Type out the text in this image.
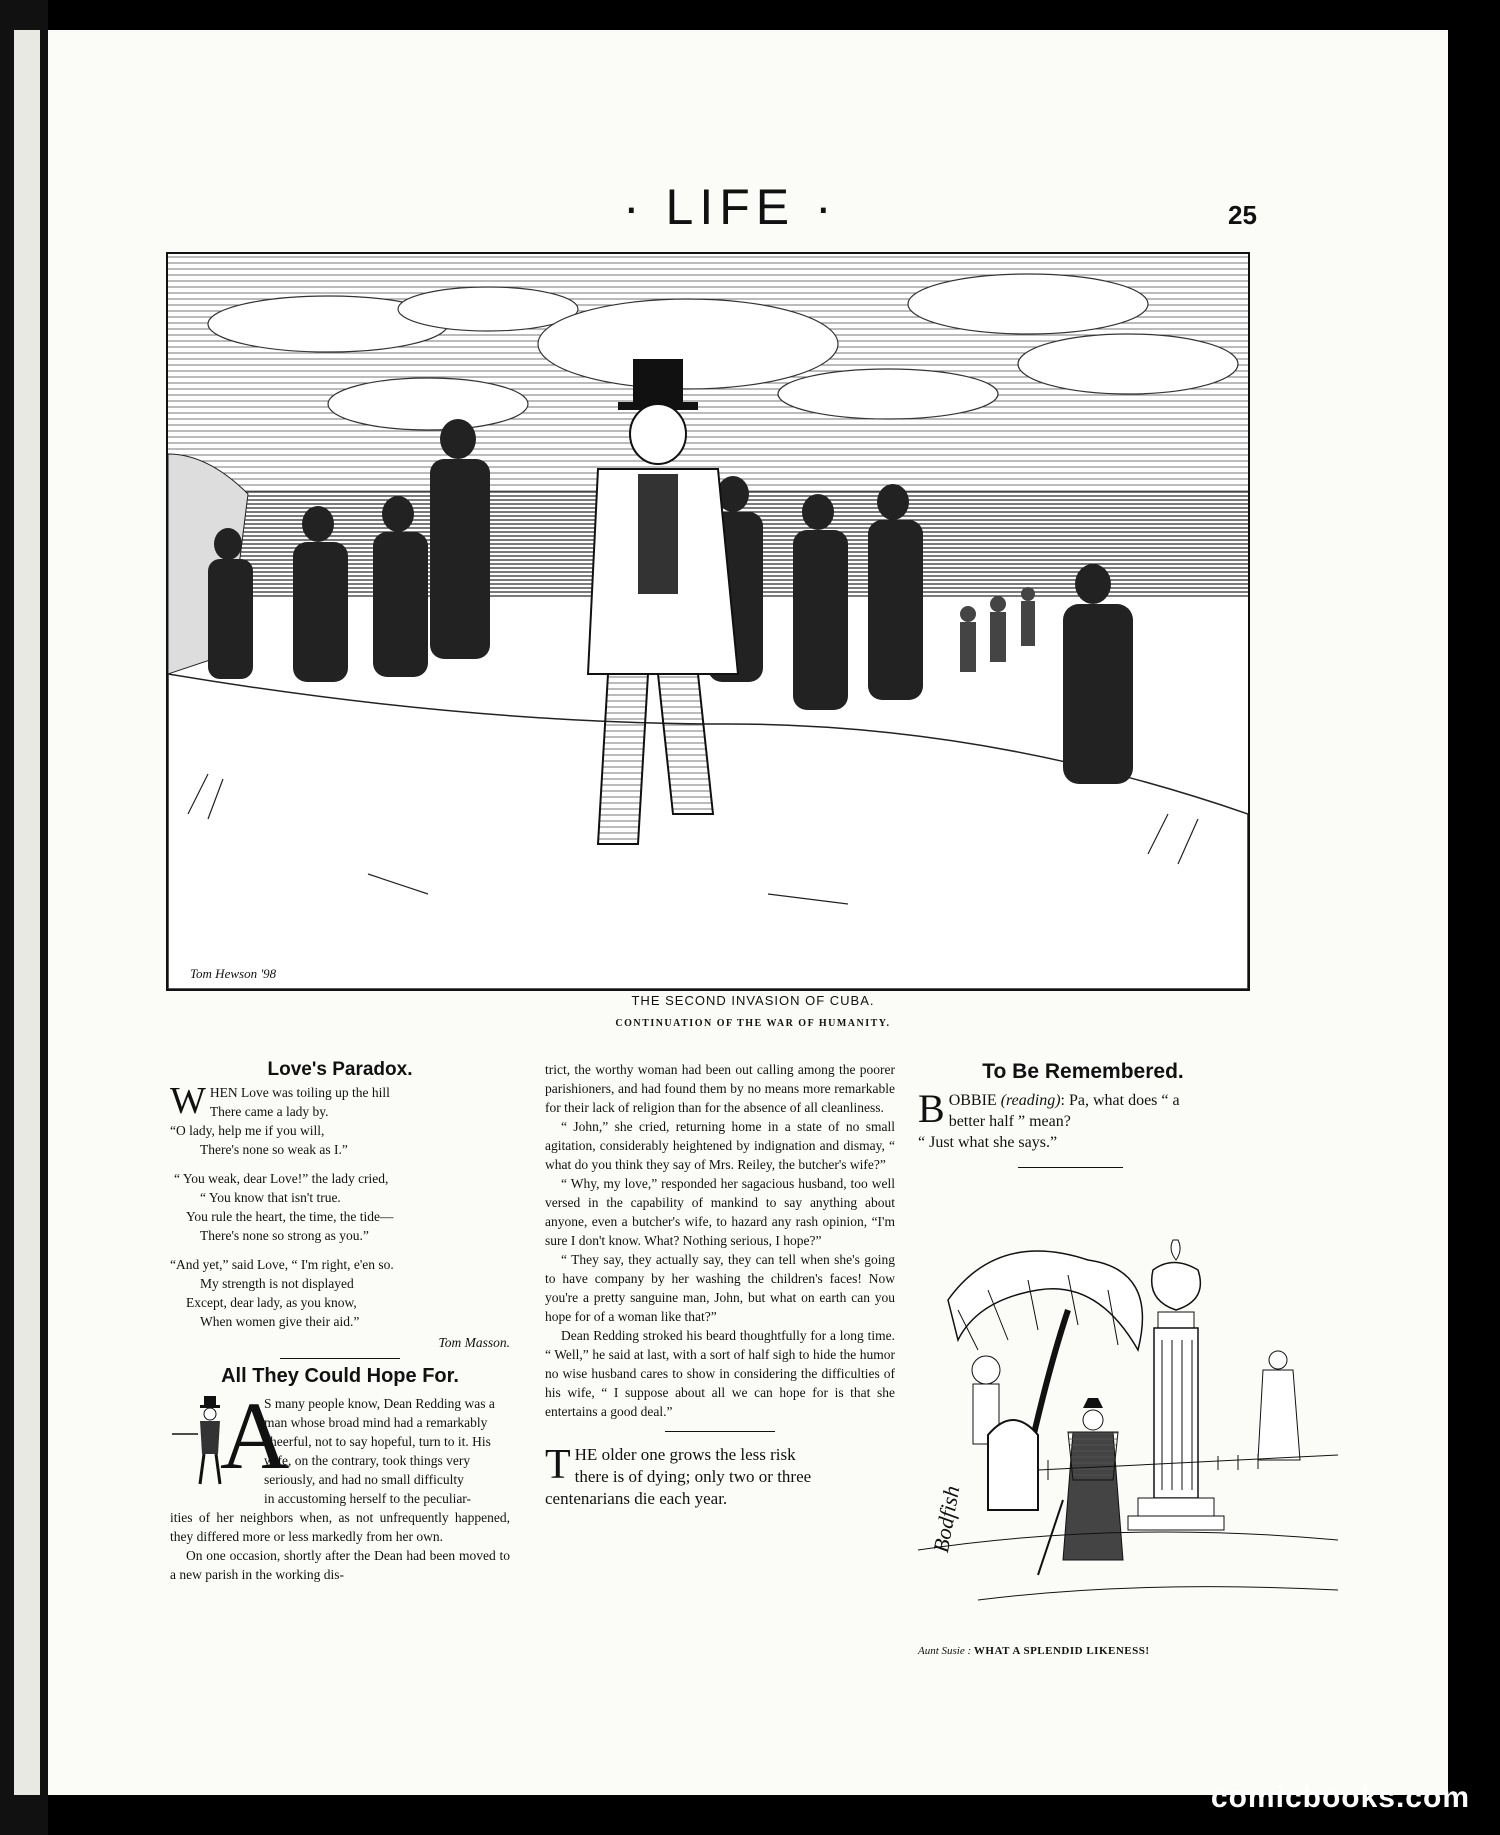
· LIFE ·	25
Tom Hewson '98
THE SECOND INVASION OF CUBA.
CONTINUATION OF THE WAR OF HUMANITY.
Love's Paradox.
W HEN Love was toiling up the hill

There came a lady by.

“O lady, help me if you will,

There's none so weak as I.”

“ You weak, dear Love!” the lady cried,

“ You know that isn't true.

You rule the heart, the time, the tide—

There's none so strong as you.”

“And yet,” said Love, “ I'm right, e'en so.

My strength is not displayed

Except, dear lady, as you know,

When women give their aid.”

Tom Masson.
All They Could Hope For.
A

S many people know, Dean Redding was a

man whose broad mind had a remarkably

cheerful, not to say hopeful, turn to it. His

wife, on the contrary, took things very

seriously, and had no small difficulty

in accustoming herself to the peculiar-

ities of her neighbors when, as not unfrequently happened, they differed more or less markedly from her own.

On one occasion, shortly after the Dean had been moved to a new parish in the working dis-

trict, the worthy woman had been out calling among the poorer parishioners, and had found them by no means more remarkable for their lack of religion than for the absence of all cleanliness.

“ John,” she cried, returning home in a state of no small agitation, considerably heightened by indignation and dismay, “ what do you think they say of Mrs. Reiley, the butcher's wife?”

“ Why, my love,” responded her sagacious husband, too well versed in the capability of mankind to say anything about anyone, even a butcher's wife, to hazard any rash opinion, “I'm sure I don't know. What? Nothing serious, I hope?”

“ They say, they actually say, they can tell when she's going to have company by her washing the children's faces! Now you're a pretty sanguine man, John, but what on earth can you hope for of a woman like that?”

Dean Redding stroked his beard thoughtfully for a long time. “ Well,” he said at last, with a sort of half sigh to hide the humor no wise husband cares to show in considering the difficulties of his wife, “ I suppose about all we can hope for is that she entertains a good deal.”

T HE older one grows the less risk
there is of dying; only two or three
centenarians die each year.
To Be Remembered.
B OBBIE (reading): Pa, what does “ a
better half ” mean?
“ Just what she says.”
Bodfish
Aunt Susie : WHAT A SPLENDID LIKENESS!
comicbooks.com
